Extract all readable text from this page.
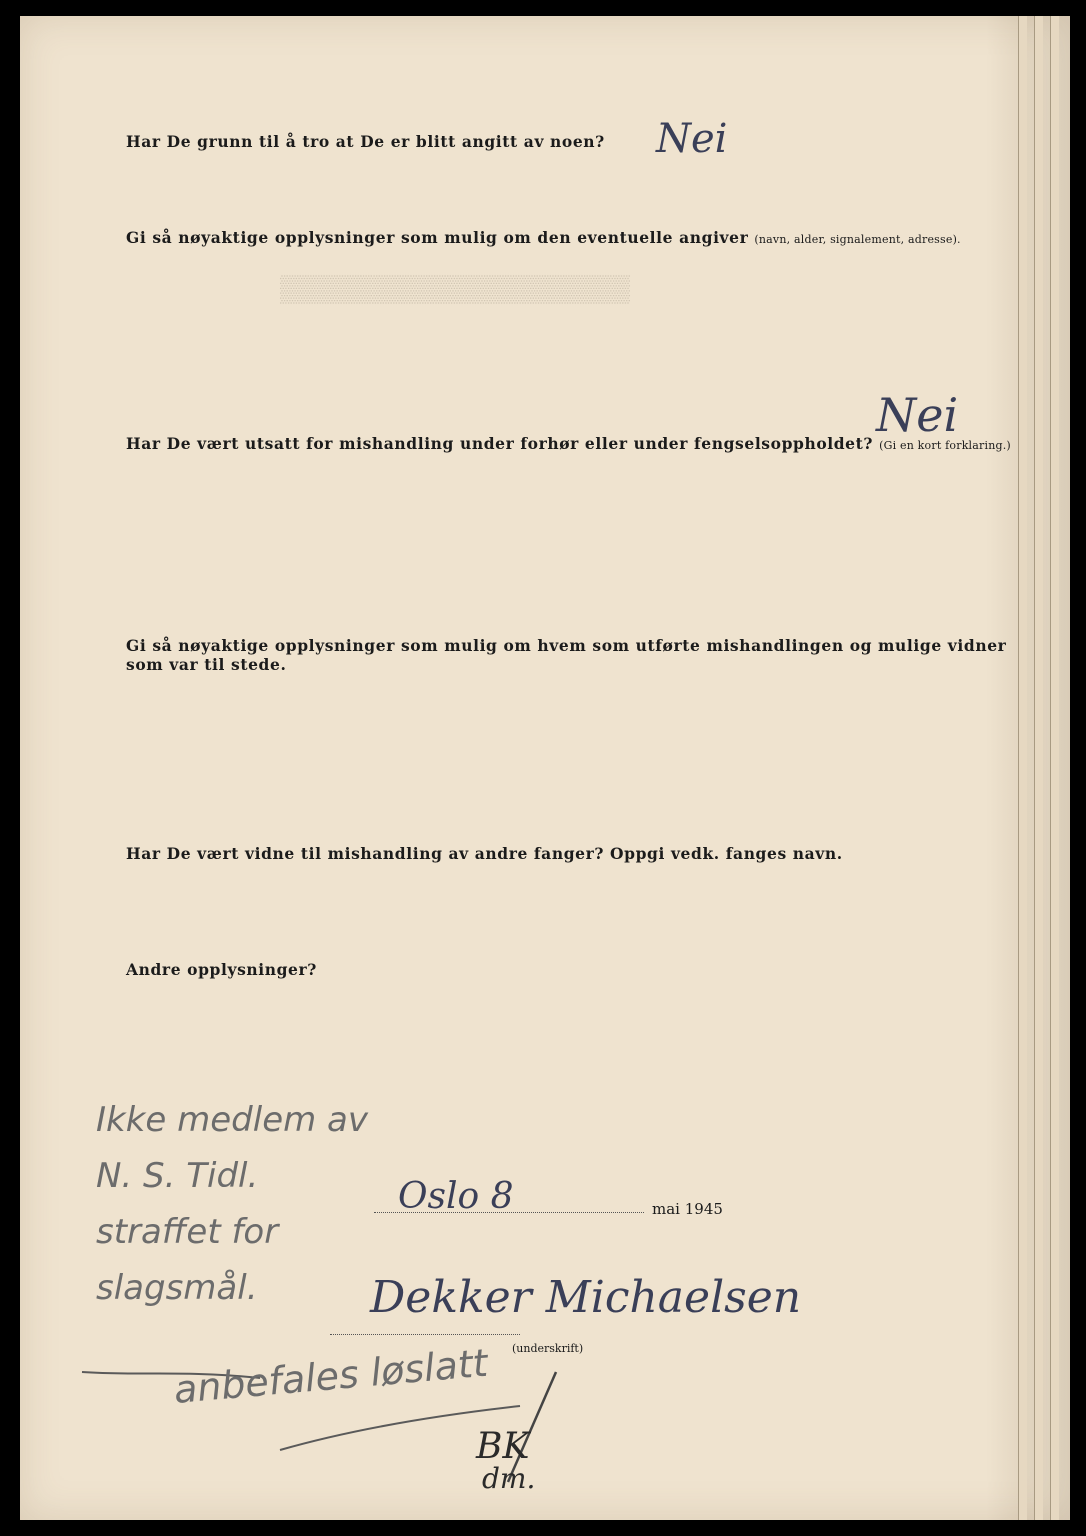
▒▒▒▒▒▒▒▒▒▒▒▒▒▒▒▒▒▒▒

Har De grunn til å tro at De er blitt angitt av noen? Nei

Gi så nøyaktige opplysninger som mulig om den eventuelle angiver (navn, alder, signalement, adresse).

Har De vært utsatt for mishandling under forhør eller under fengselsoppholdet? (Gi en kort forklaring.)

Nei

Gi så nøyaktige opplysninger som mulig om hvem som utførte mishandlingen og mulige vidner
som var til stede.

Har De vært vidne til mishandling av andre fanger? Oppgi vedk. fanges navn.

Andre opplysninger?

Ikke medlem av
N. S. Tidl.
straffet for
slagsmål.
Oslo 8	mai 1945
Dekker Michaelsen
(underskrift)
anbefales løslatt
BK
dm.
